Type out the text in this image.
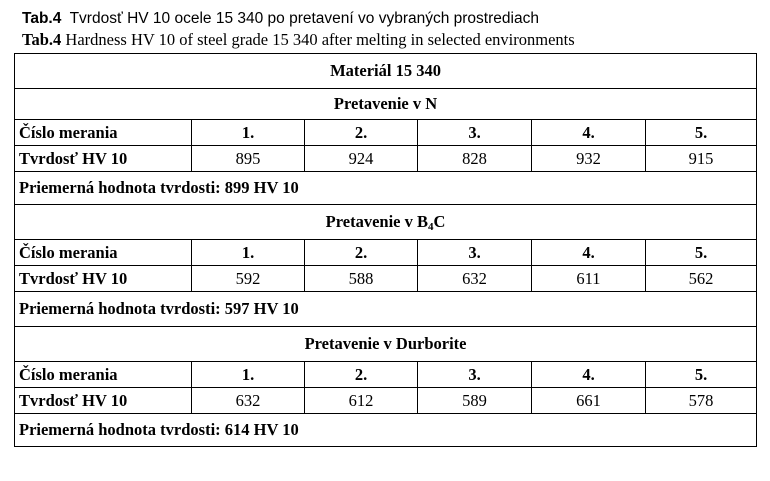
Tab.4 Tvrdosť HV 10 ocele 15 340 po pretavení vo vybraných prostrediach
Tab.4 Hardness HV 10 of steel grade 15 340 after melting in selected environments
Materiál 15 340					
Pretavenie v N					
Číslo merania	1.	2.	3.	4.	5.
Tvrdosť HV 10	895	924	828	932	915
Priemerná hodnota tvrdosti: 899 HV 10					
Pretavenie v $B_4C$					
Číslo merania	1.	2.	3.	4.	5.
Tvrdosť HV 10	592	588	632	611	562
Priemerná hodnota tvrdosti: 597 HV 10					
Pretavenie v Durborite					
Číslo merania	1.	2.	3.	4.	5.
Tvrdosť HV 10	632	612	589	661	578
Priemerná hodnota tvrdosti: 614 HV 10					
